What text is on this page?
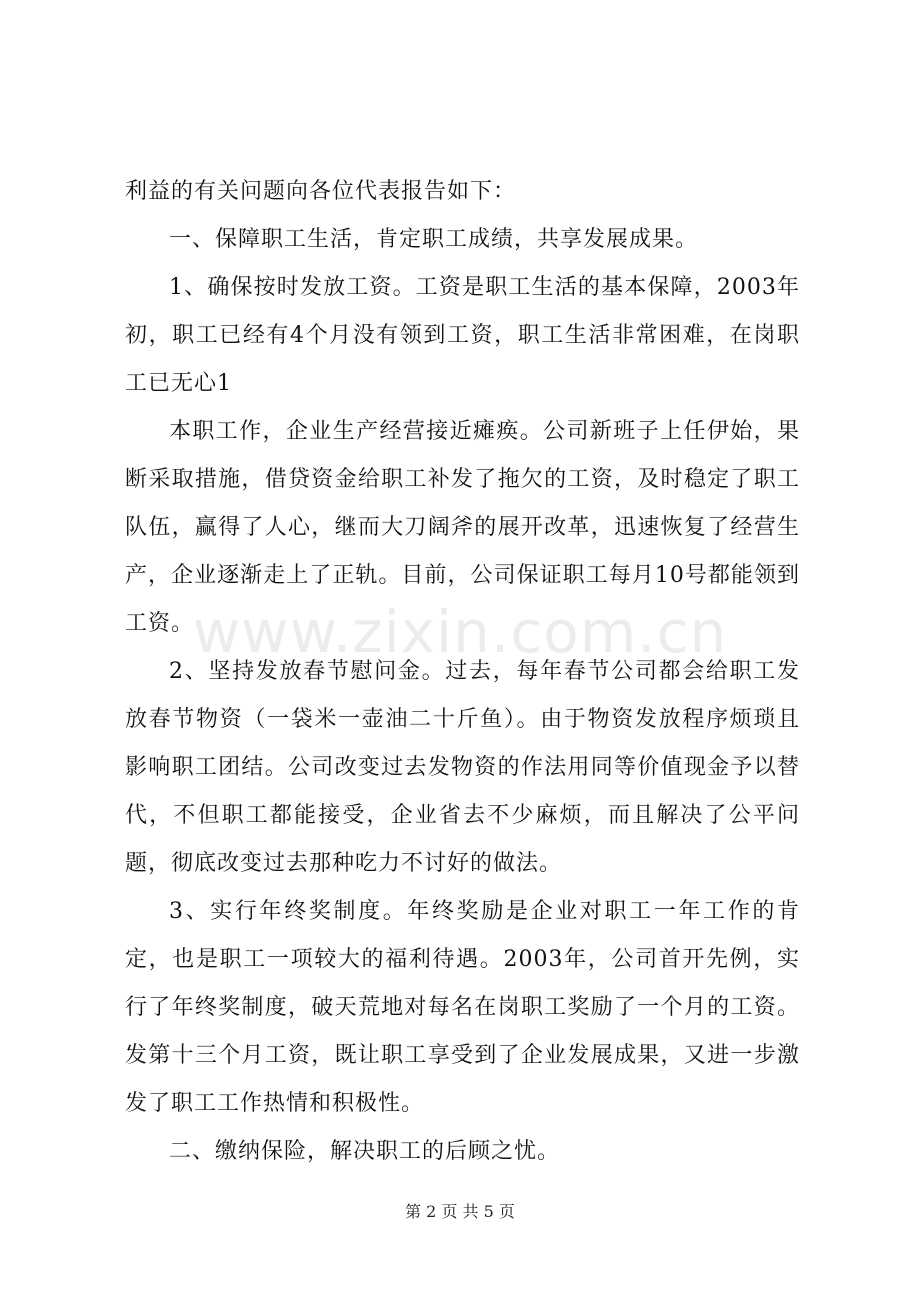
利益的有关问题向各位代表报告如下：

一、保障职工生活，肯定职工成绩，共享发展成果。

1、确保按时发放工资。工资是职工生活的基本保障，2003年初，职工已经有4个月没有领到工资，职工生活非常困难，在岗职工已无心1

本职工作，企业生产经营接近瘫痪。公司新班子上任伊始，果断采取措施，借贷资金给职工补发了拖欠的工资，及时稳定了职工队伍，赢得了人心，继而大刀阔斧的展开改革，迅速恢复了经营生产，企业逐渐走上了正轨。目前，公司保证职工每月10号都能领到工资。

2、坚持发放春节慰问金。过去，每年春节公司都会给职工发放春节物资（一袋米一壶油二十斤鱼）。由于物资发放程序烦琐且影响职工团结。公司改变过去发物资的作法用同等价值现金予以替代，不但职工都能接受，企业省去不少麻烦，而且解决了公平问题，彻底改变过去那种吃力不讨好的做法。

3、实行年终奖制度。年终奖励是企业对职工一年工作的肯定，也是职工一项较大的福利待遇。2003年，公司首开先例，实行了年终奖制度，破天荒地对每名在岗职工奖励了一个月的工资。发第十三个月工资，既让职工享受到了企业发展成果，又进一步激发了职工工作热情和积极性。

二、缴纳保险，解决职工的后顾之忧。

www.zixin.com.cn
第 2 页 共 5 页
